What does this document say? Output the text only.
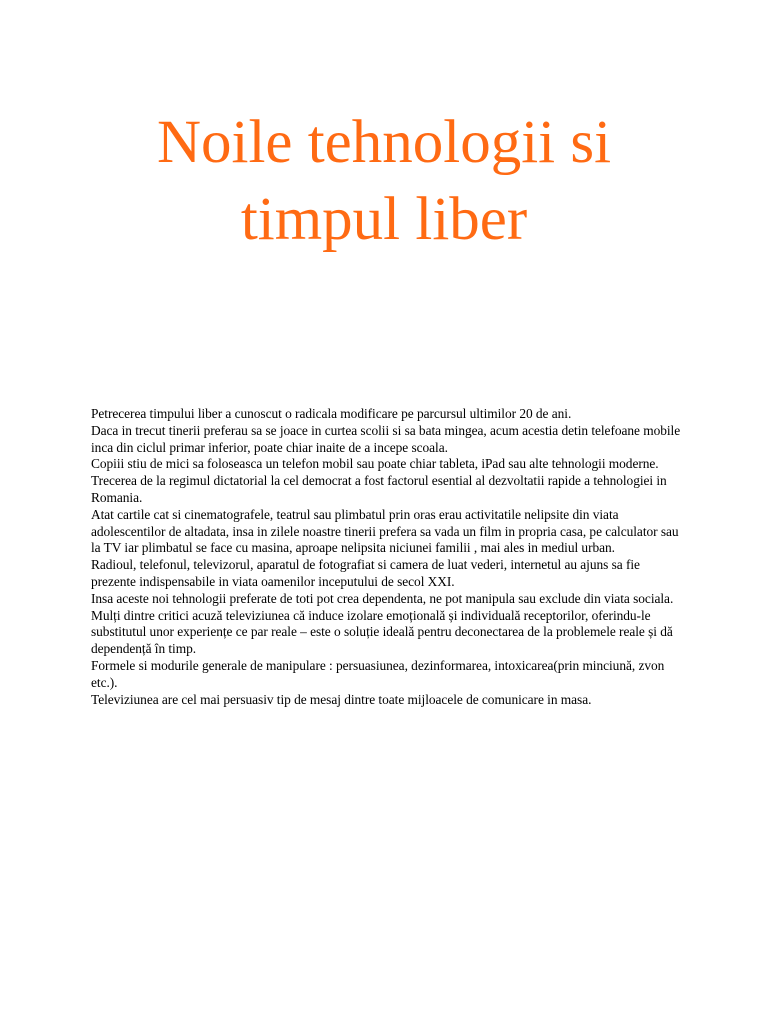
Noile tehnologii si
timpul liber

Petrecerea timpului liber a cunoscut o radicala modificare pe parcursul ultimilor 20 de ani.

Daca in trecut tinerii preferau sa se joace in curtea scolii si sa bata mingea, acum acestia detin telefoane mobile inca din ciclul primar inferior, poate chiar inaite de a incepe scoala.

Copiii stiu de mici sa foloseasca un telefon mobil sau poate chiar tableta, iPad sau alte tehnologii moderne.

Trecerea de la regimul dictatorial la cel democrat a fost factorul esential al dezvoltatii rapide a tehnologiei in Romania.

Atat cartile cat si cinematografele, teatrul sau plimbatul prin oras erau activitatile nelipsite din viata adolescentilor de altadata, insa in zilele noastre tinerii prefera sa vada un film in propria casa, pe calculator sau la TV iar plimbatul se face cu masina, aproape nelipsita niciunei familii , mai ales in mediul urban.

Radioul, telefonul, televizorul, aparatul de fotografiat si camera de luat vederi, internetul au ajuns sa fie prezente indispensabile in viata oamenilor inceputului de secol XXI.

Insa aceste noi tehnologii preferate de toti pot crea dependenta, ne pot manipula sau exclude din viata sociala.

Mulți dintre critici acuză televiziunea că induce izolare emoțională și individuală receptorilor, oferindu-le substitutul unor experiențe ce par reale – este o soluție ideală pentru deconectarea de la problemele reale și dă dependență în timp.

Formele si modurile generale de manipulare : persuasiunea, dezinformarea, intoxicarea(prin minciună, zvon etc.).

Televiziunea are cel mai persuasiv tip de mesaj dintre toate mijloacele de comunicare in masa.
